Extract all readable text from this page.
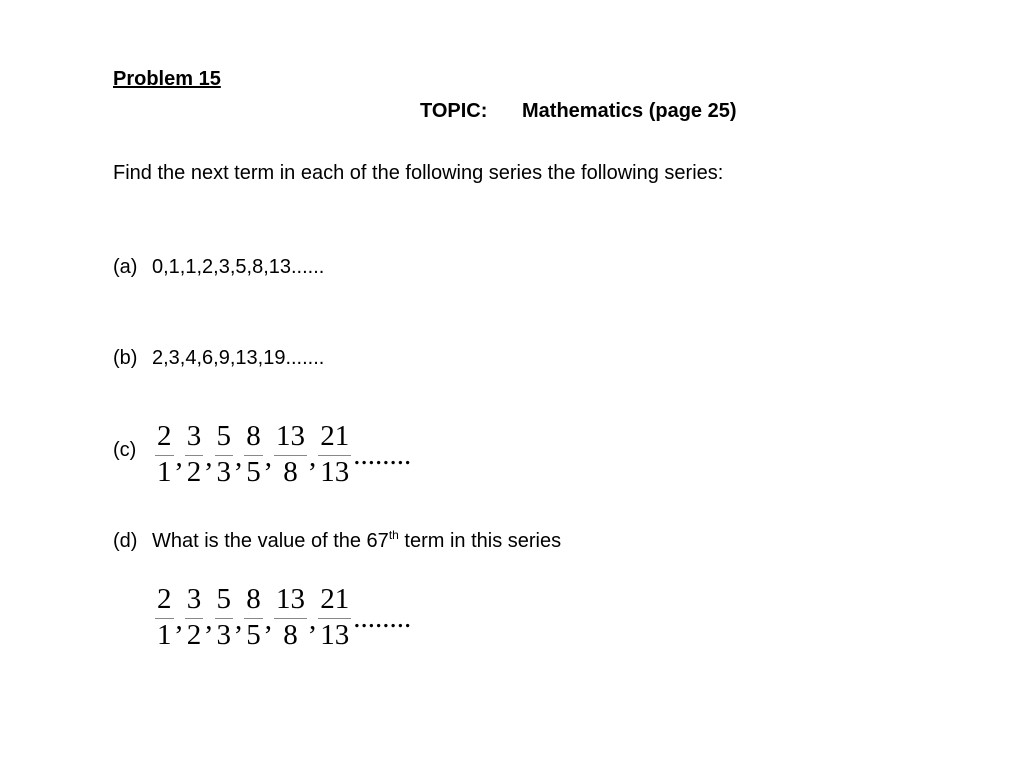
Problem 15
TOPIC: Mathematics (page 25)
Find the next term in each of the following series the following series:
(a) 0,1,1,2,3,5,8,13......
(b) 2,3,4,6,9,13,19.......
$(c) \frac{2}{1}$ , $\frac{3}{2}$ , $\frac{5}{3}$ , $\frac{8}{5}$ , $\frac{13}{8}$ , $\frac{21}{13}$ ........
(d) What is the value of the 67th term in this series
$\frac{2}{1}$ , $\frac{3}{2}$ , $\frac{5}{3}$ , $\frac{8}{5}$ , $\frac{13}{8}$ , $\frac{21}{13}$ ........
